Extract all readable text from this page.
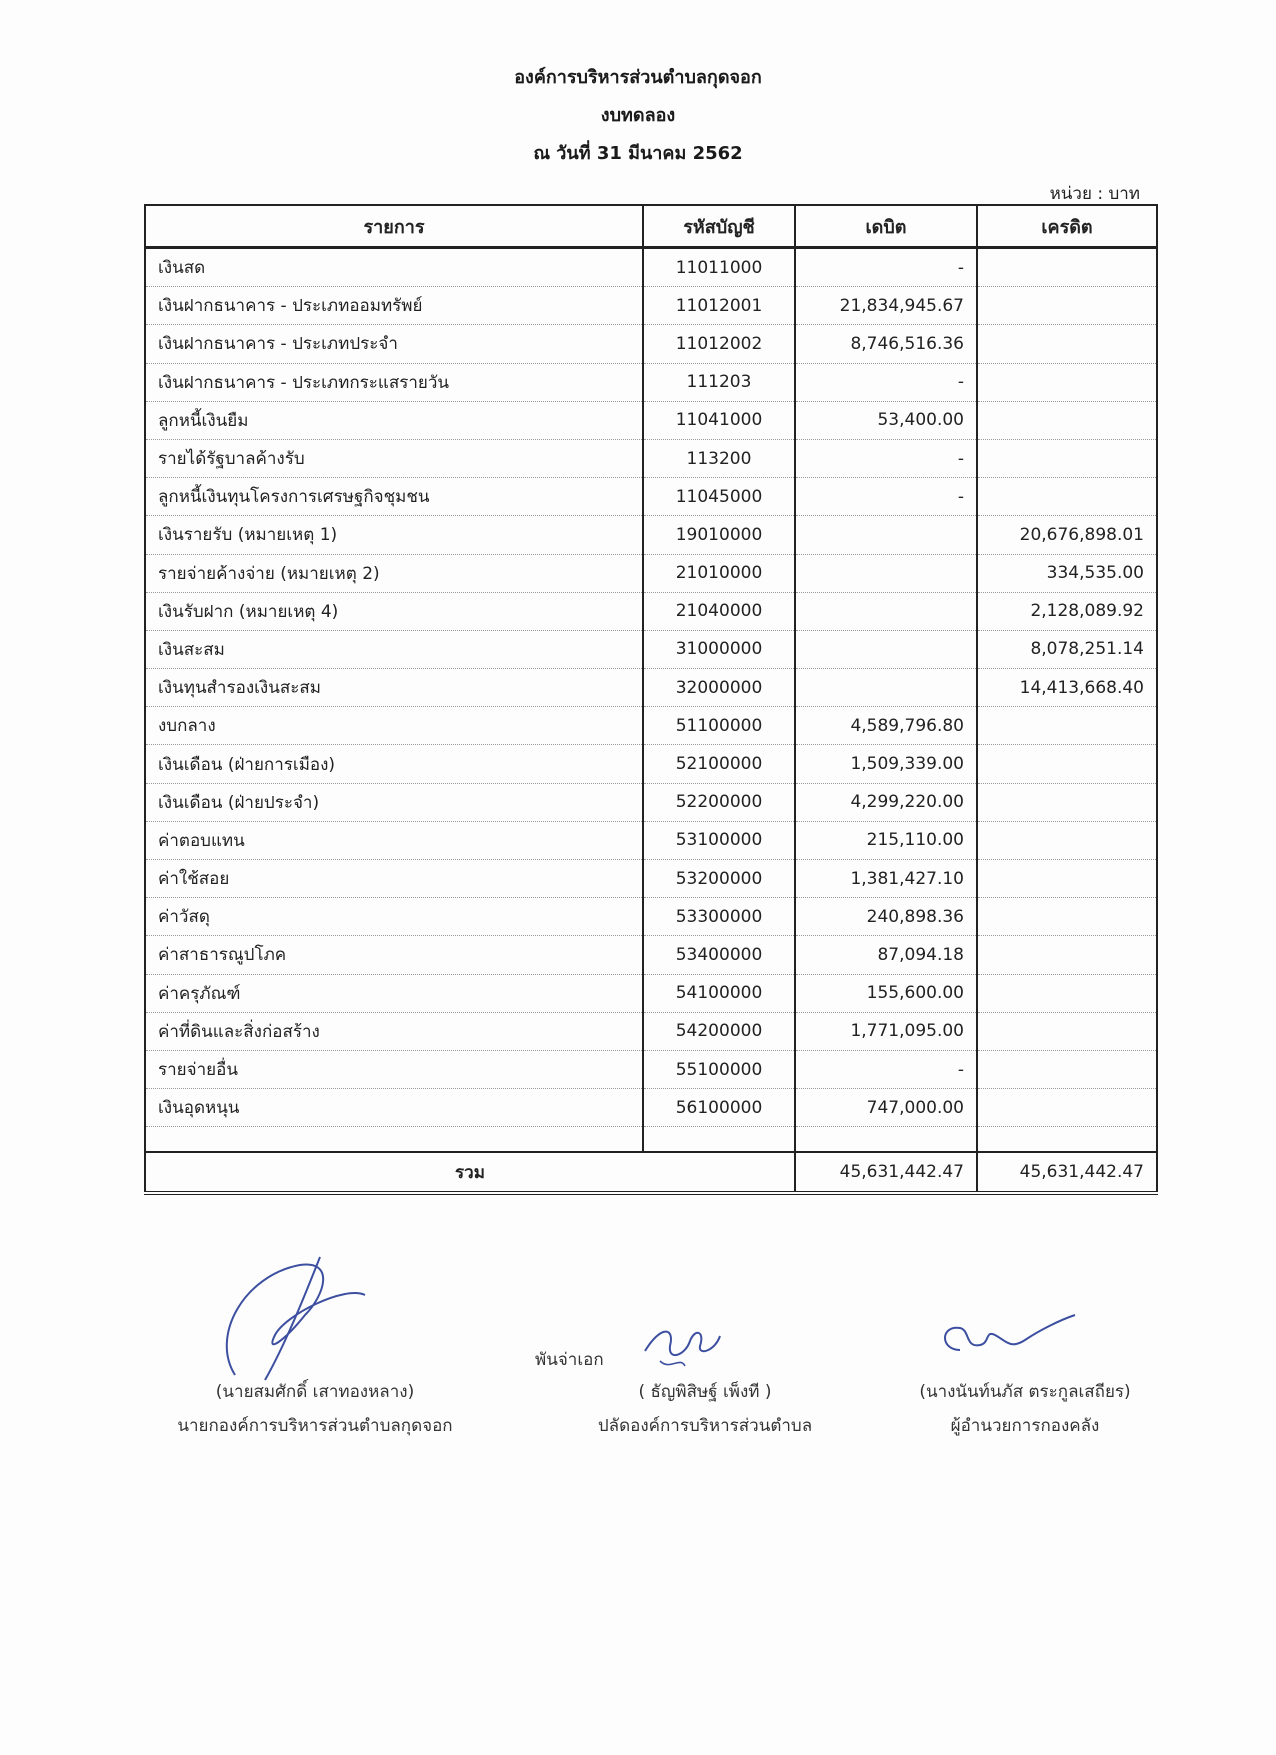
องค์การบริหารส่วนตำบลกุดจอก
งบทดลอง
ณ วันที่ 31 มีนาคม 2562
หน่วย : บาท
รายการ	รหัสบัญชี	เดบิต	เครดิต
เงินสด	11011000	-	
เงินฝากธนาคาร - ประเภทออมทรัพย์	11012001	21,834,945.67	
เงินฝากธนาคาร - ประเภทประจำ	11012002	8,746,516.36	
เงินฝากธนาคาร - ประเภทกระแสรายวัน	111203	-	
ลูกหนี้เงินยืม	11041000	53,400.00	
รายได้รัฐบาลค้างรับ	113200	-	
ลูกหนี้เงินทุนโครงการเศรษฐกิจชุมชน	11045000	-	
เงินรายรับ (หมายเหตุ 1)	19010000		20,676,898.01
รายจ่ายค้างจ่าย (หมายเหตุ 2)	21010000		334,535.00
เงินรับฝาก (หมายเหตุ 4)	21040000		2,128,089.92
เงินสะสม	31000000		8,078,251.14
เงินทุนสำรองเงินสะสม	32000000		14,413,668.40
งบกลาง	51100000	4,589,796.80	
เงินเดือน (ฝ่ายการเมือง)	52100000	1,509,339.00	
เงินเดือน (ฝ่ายประจำ)	52200000	4,299,220.00	
ค่าตอบแทน	53100000	215,110.00	
ค่าใช้สอย	53200000	1,381,427.10	
ค่าวัสดุ	53300000	240,898.36	
ค่าสาธารณูปโภค	53400000	87,094.18	
ค่าครุภัณฑ์	54100000	155,600.00	
ค่าที่ดินและสิ่งก่อสร้าง	54200000	1,771,095.00	
รายจ่ายอื่น	55100000	-	
เงินอุดหนุน	56100000	747,000.00	

รวม		45,631,442.47	45,631,442.47
พันจ่าเอก
(นายสมศักดิ์ เสาทองหลาง)
นายกองค์การบริหารส่วนตำบลกุดจอก
( ธัญพิสิษฐ์ เพ็งที )
ปลัดองค์การบริหารส่วนตำบล
(นางนันท์นภัส ตระกูลเสถียร)
ผู้อำนวยการกองคลัง
